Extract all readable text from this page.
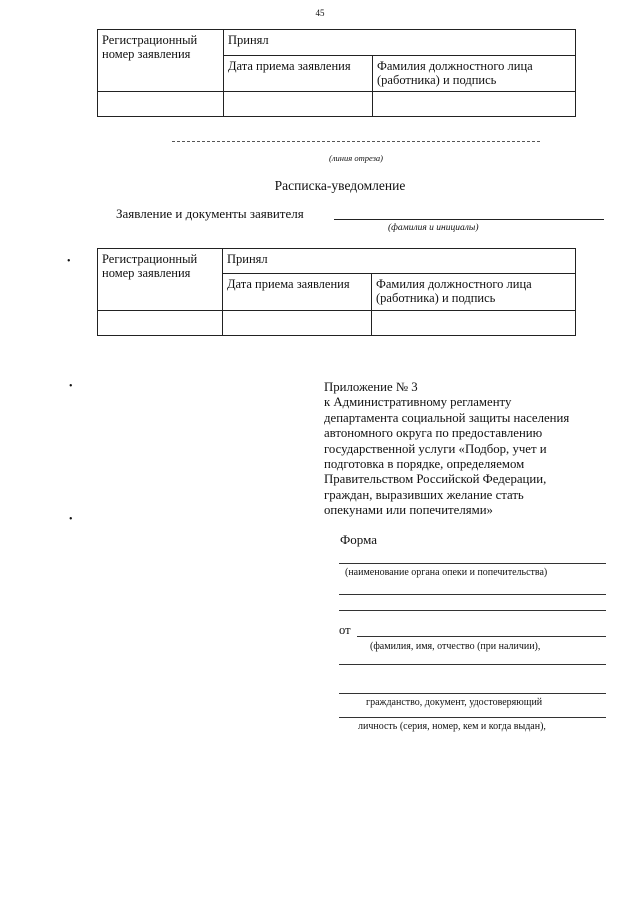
45
Регистрационный номер заявления	Принял	
	Дата приема заявления	Фамилия должностного лица (работника) и подпись

(линия отреза)
Расписка-уведомление
Заявление и документы заявителя
(фамилия и инициалы)
•	Регистрационный номер заявления	Принял	
	Дата приема заявления	Фамилия должностного лица (работника) и подпись

•
•
Приложение № 3
к Административному регламенту
департамента социальной защиты населения
автономного округа по предоставлению
государственной услуги «Подбор, учет и
подготовка в порядке, определяемом
Правительством Российской Федерации,
граждан, выразивших желание стать
опекунами или попечителями»
Форма
(наименование органа опеки и попечительства)
от
(фамилия, имя, отчество (при наличии),
гражданство, документ, удостоверяющий
личность (серия, номер, кем и когда выдан),
